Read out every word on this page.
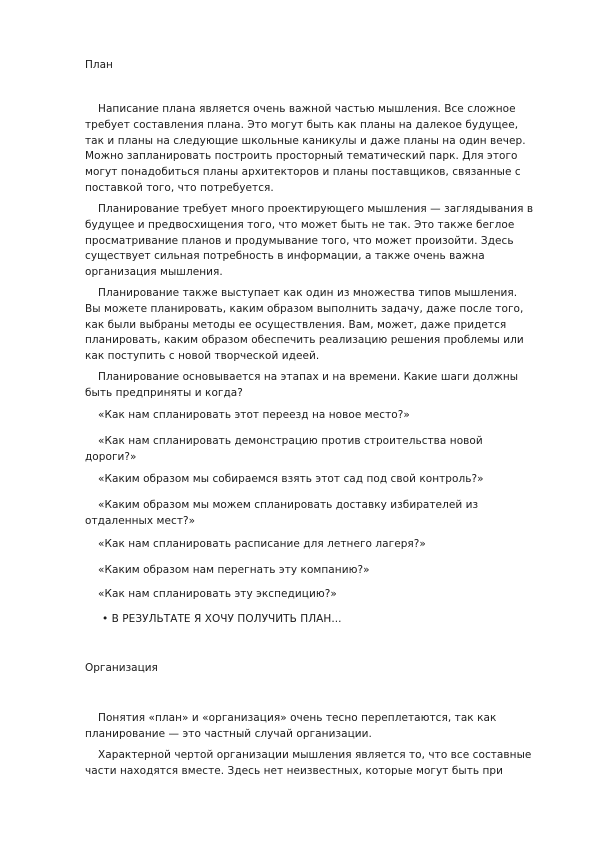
План

Написание плана является очень важной частью мышления. Все сложное
требует составления плана. Это могут быть как планы на далекое будущее,
так и планы на следующие школьные каникулы и даже планы на один вечер.
Можно запланировать построить просторный тематический парк. Для этого
могут понадобиться планы архитекторов и планы поставщиков, связанные с
поставкой того, что потребуется.

Планирование требует много проектирующего мышления — заглядывания в
будущее и предвосхищения того, что может быть не так. Это также беглое
просматривание планов и продумывание того, что может произойти. Здесь
существует сильная потребность в информации, а также очень важна
организация мышления.

Планирование также выступает как один из множества типов мышления.
Вы можете планировать, каким образом выполнить задачу, даже после того,
как были выбраны методы ее осуществления. Вам, может, даже придется
планировать, каким образом обеспечить реализацию решения проблемы или
как поступить с новой творческой идеей.

Планирование основывается на этапах и на времени. Какие шаги должны
быть предприняты и когда?

«Как нам спланировать этот переезд на новое место?»

«Как нам спланировать демонстрацию против строительства новой
дороги?»

«Каким образом мы собираемся взять этот сад под свой контроль?»

«Каким образом мы можем спланировать доставку избирателей из
отдаленных мест?»

«Как нам спланировать расписание для летнего лагеря?»

«Каким образом нам перегнать эту компанию?»

«Как нам спланировать эту экспедицию?»

• В РЕЗУЛЬТАТЕ Я ХОЧУ ПОЛУЧИТЬ ПЛАН...

Организация

Понятия «план» и «организация» очень тесно переплетаются, так как
планирование — это частный случай организации.

Характерной чертой организации мышления является то, что все составные
части находятся вместе. Здесь нет неизвестных, которые могут быть при
